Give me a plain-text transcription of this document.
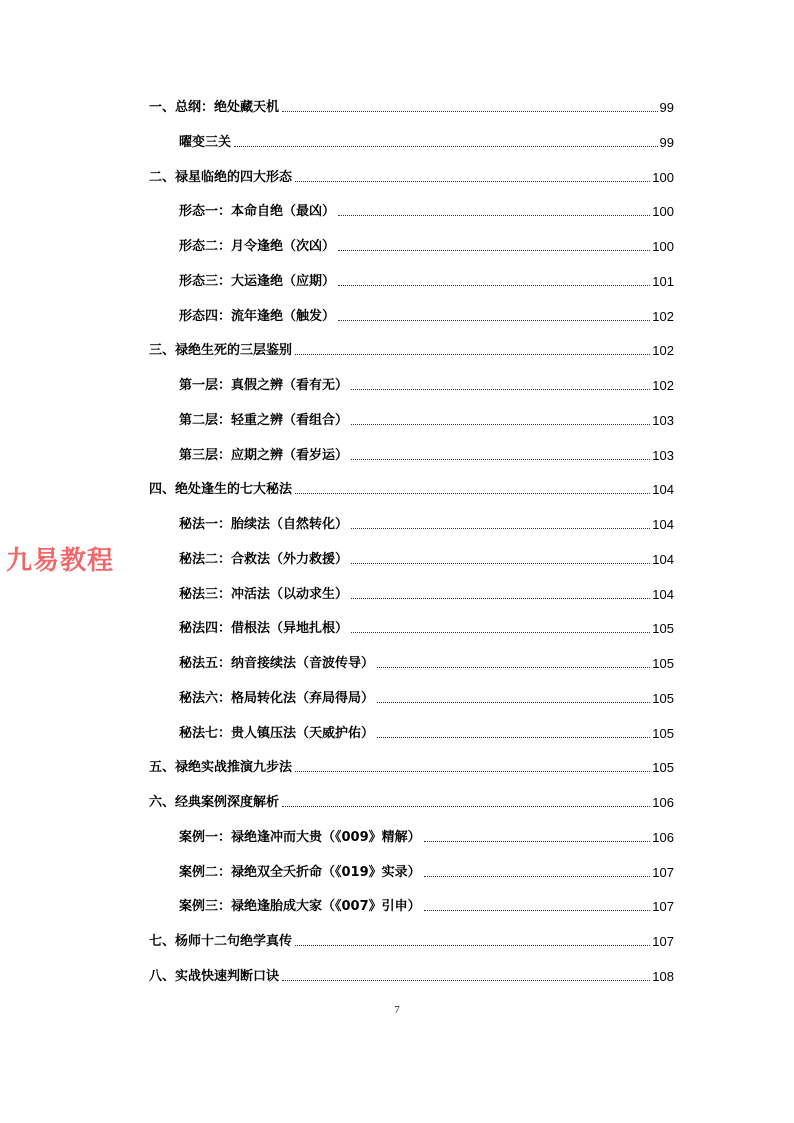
一、总纲：绝处藏天机	99
曜变三关	99
二、禄星临绝的四大形态	100
形态一：本命自绝（最凶）	100
形态二：月令逢绝（次凶）	100
形态三：大运逢绝（应期）	101
形态四：流年逢绝（触发）	102
三、禄绝生死的三层鉴别	102
第一层：真假之辨（看有无）	102
第二层：轻重之辨（看组合）	103
第三层：应期之辨（看岁运）	103
四、绝处逢生的七大秘法	104
秘法一：胎续法（自然转化）	104
秘法二：合救法（外力救援）	104
秘法三：冲活法（以动求生）	104
秘法四：借根法（异地扎根）	105
秘法五：纳音接续法（音波传导）	105
秘法六：格局转化法（弃局得局）	105
秘法七：贵人镇压法（天威护佑）	105
五、禄绝实战推演九步法	105
六、经典案例深度解析	106
案例一：禄绝逢冲而大贵（《009》精解）	106
案例二：禄绝双全夭折命（《019》实录）	107
案例三：禄绝逢胎成大家（《007》引申）	107
七、杨师十二句绝学真传	107
八、实战快速判断口诀	108
九易教程
7
